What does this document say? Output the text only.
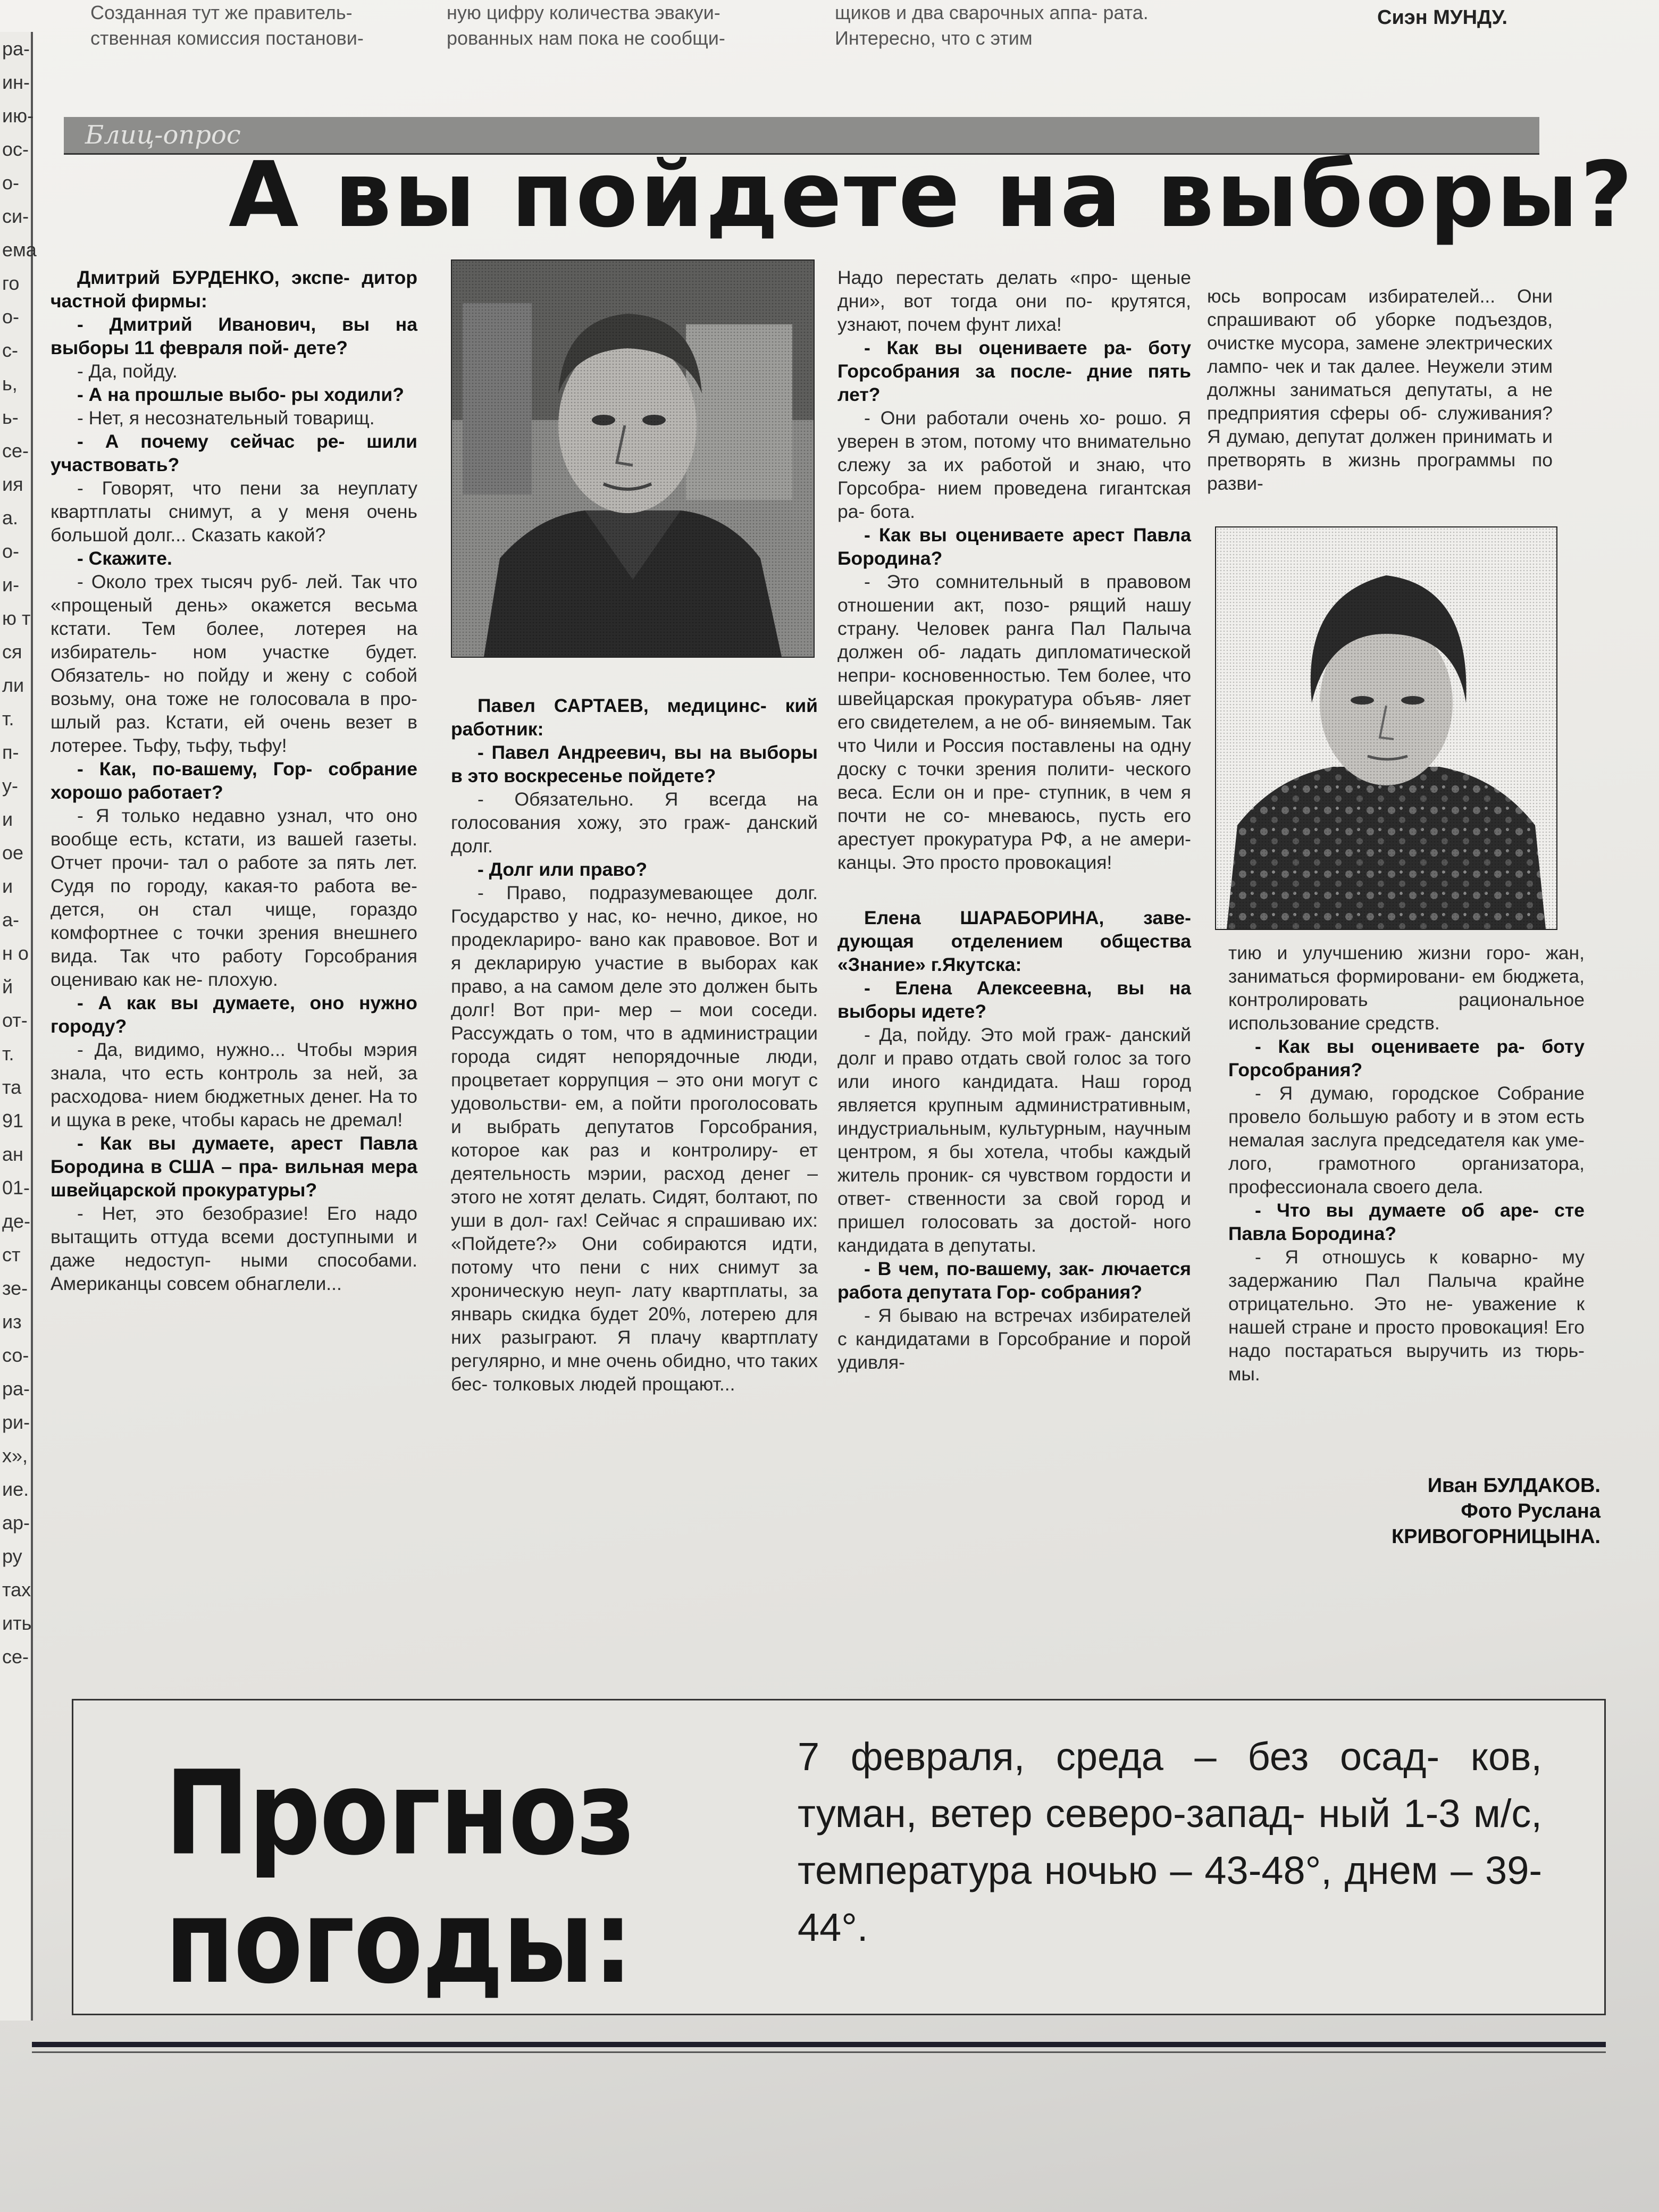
ра- ин- ию- ос- о- си- ема го о- с- ь, ь- се- ия а. о- и- ю т ся ли т. п- у- и ое и а- н о й от- т. та 91 ан 01- де- ст зе- из со- ра- ри- х», ие. ар- ру тах ить се-
Созданная тут же правитель- ственная комиссия постанови-
ную цифру количества эвакуи- рованных нам пока не сообщи-
щиков и два сварочных аппа- рата. Интересно, что с этим
Сиэн МУНДУ.
Блиц-опрос
А вы пойдете на выборы?

Дмитрий БУРДЕНКО, экспе- дитор частной фирмы:

- Дмитрий Иванович, вы на выборы 11 февраля пой- дете?

- Да, пойду.

- А на прошлые выбо- ры ходили?

- Нет, я несознательный товарищ.

- А почему сейчас ре- шили участвовать?

- Говорят, что пени за неуплату квартплаты снимут, а у меня очень большой долг... Сказать какой?

- Скажите.

- Около трех тысяч руб- лей. Так что «прощеный день» окажется весьма кстати. Тем более, лотерея на избиратель- ном участке будет. Обязатель- но пойду и жену с собой возьму, она тоже не голосовала в про- шлый раз. Кстати, ей очень везет в лотерее. Тьфу, тьфу, тьфу!

- Как, по-вашему, Гор- собрание хорошо работает?

- Я только недавно узнал, что оно вообще есть, кстати, из вашей газеты. Отчет прочи- тал о работе за пять лет. Судя по городу, какая-то работа ве- дется, он стал чище, гораздо комфортнее с точки зрения внешнего вида. Так что работу Горсобрания оцениваю как не- плохую.

- А как вы думаете, оно нужно городу?

- Да, видимо, нужно... Чтобы мэрия знала, что есть контроль за ней, за расходова- нием бюджетных денег. На то и щука в реке, чтобы карась не дремал!

- Как вы думаете, арест Павла Бородина в США – пра- вильная мера швейцарской прокуратуры?

- Нет, это безобразие! Его надо вытащить оттуда всеми доступными и даже недоступ- ными способами. Американцы совсем обнаглели...

Павел САРТАЕВ, медицинс- кий работник:

- Павел Андреевич, вы на выборы в это воскресенье пойдете?

- Обязательно. Я всегда на голосования хожу, это граж- данский долг.

- Долг или право?

- Право, подразумевающее долг. Государство у нас, ко- нечно, дикое, но продеклариро- вано как правовое. Вот и я декларирую участие в выборах как право, а на самом деле это должен быть долг! Вот при- мер – мои соседи. Рассуждать о том, что в администрации города сидят непорядочные люди, процветает коррупция – это они могут с удовольстви- ем, а пойти проголосовать и выбрать депутатов Горсобрания, которое как раз и контролиру- ет деятельность мэрии, расход денег – этого не хотят делать. Сидят, болтают, по уши в дол- гах! Сейчас я спрашиваю их: «Пойдете?» Они собираются идти, потому что пени с них снимут за хроническую неуп- лату квартплаты, за январь скидка будет 20%, лотерею для них разыграют. Я плачу квартплату регулярно, и мне очень обидно, что таких бес- толковых людей прощают...

Надо перестать делать «про- щеные дни», вот тогда они по- крутятся, узнают, почем фунт лиха!

- Как вы оцениваете ра- боту Горсобрания за после- дние пять лет?

- Они работали очень хо- рошо. Я уверен в этом, потому что внимательно слежу за их работой и знаю, что Горсобра- нием проведена гигантская ра- бота.

- Как вы оцениваете арест Павла Бородина?

- Это сомнительный в правовом отношении акт, позо- рящий нашу страну. Человек ранга Пал Палыча должен об- ладать дипломатической непри- косновенностью. Тем более, что швейцарская прокуратура объяв- ляет его свидетелем, а не об- виняемым. Так что Чили и Россия поставлены на одну доску с точки зрения полити- ческого веса. Если он и пре- ступник, в чем я почти не со- мневаюсь, пусть его арестует прокуратура РФ, а не амери- канцы. Это просто провокация!

Елена ШАРАБОРИНА, заве- дующая отделением общества «Знание» г.Якутска:

- Елена Алексеевна, вы на выборы идете?

- Да, пойду. Это мой граж- данский долг и право отдать свой голос за того или иного кандидата. Наш город является крупным административным, индустриальным, культурным, научным центром, я бы хотела, чтобы каждый житель проник- ся чувством гордости и ответ- ственности за свой город и пришел голосовать за достой- ного кандидата в депутаты.

- В чем, по-вашему, зак- лючается работа депутата Гор- собрания?

- Я бываю на встречах избирателей с кандидатами в Горсобрание и порой удивля-

юсь вопросам избирателей... Они спрашивают об уборке подъездов, очистке мусора, замене электрических лампо- чек и так далее. Неужели этим должны заниматься депутаты, а не предприятия сферы об- служивания? Я думаю, депутат должен принимать и претворять в жизнь программы по разви-

тию и улучшению жизни горо- жан, заниматься формировани- ем бюджета, контролировать рациональное использование средств.

- Как вы оцениваете ра- боту Горсобрания?

- Я думаю, городское Собрание провело большую работу и в этом есть немалая заслуга председателя как уме- лого, грамотного организатора, профессионала своего дела.

- Что вы думаете об аре- сте Павла Бородина?

- Я отношусь к коварно- му задержанию Пал Палыча крайне отрицательно. Это не- уважение к нашей стране и просто провокация! Его надо постараться выручить из тюрь- мы.

Иван БУЛДАКОВ.
Фото Руслана
КРИВОГОРНИЦЫНА.
Прогноз
погоды:
7 февраля, среда – без осад- ков, туман, ветер северо-запад- ный 1-3 м/с, температура ночью – 43-48°, днем – 39-44°.
